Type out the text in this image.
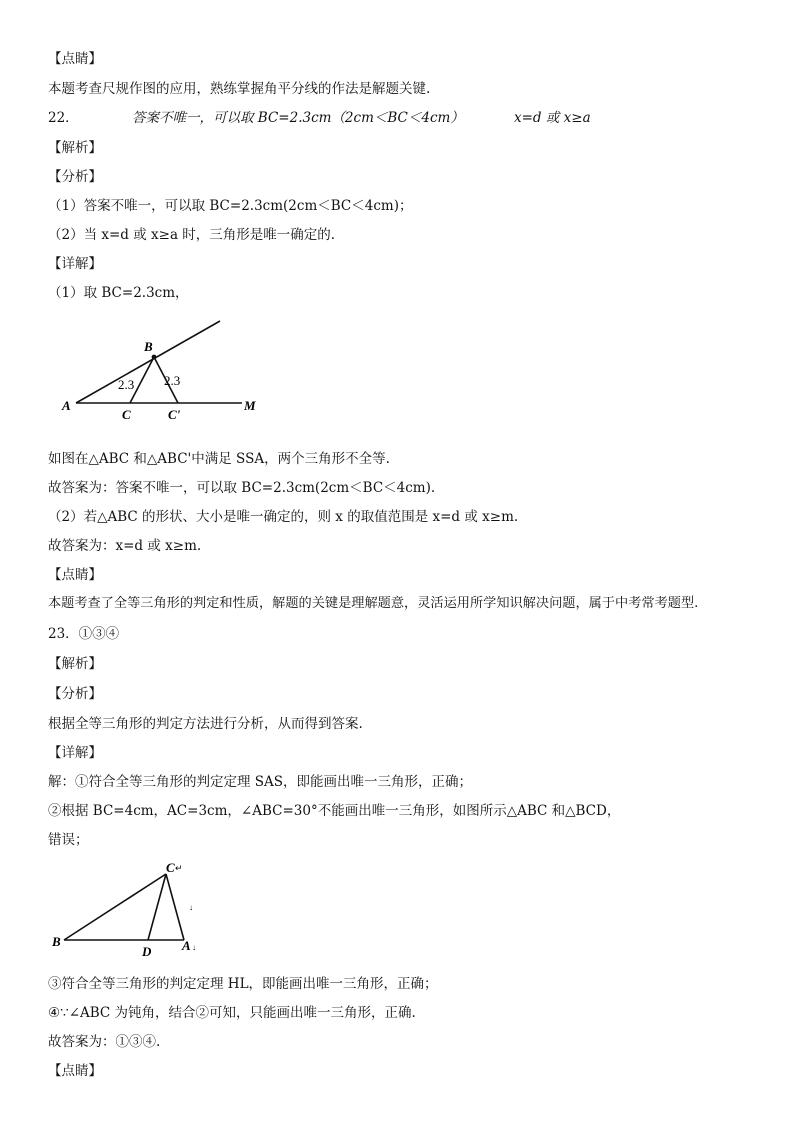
【点睛】
本题考查尺规作图的应用，熟练掌握角平分线的作法是解题关键.
22．	答案不唯一，可以取 BC=2.3cm（2cm＜BC＜4cm）	x=d 或 x≥a
【解析】
【分析】
（1）答案不唯一，可以取 BC=2.3cm(2cm＜BC＜4cm)；
（2）当 x=d 或 x≥a 时，三角形是唯一确定的.
【详解】
（1）取 BC=2.3cm，
B
A
C	C'
M
2.3 2.3
如图在△ABC 和△ABC'中满足 SSA，两个三角形不全等.
故答案为：答案不唯一，可以取 BC=2.3cm(2cm＜BC＜4cm).
（2）若△ABC 的形状、大小是唯一确定的，则 x 的取值范围是 x=d 或 x≥m.
故答案为：x=d 或 x≥m.
【点睛】
本题考查了全等三角形的判定和性质，解题的关键是理解题意，灵活运用所学知识解决问题，属于中考常考题型.
23．①③④
【解析】
【分析】
根据全等三角形的判定方法进行分析，从而得到答案.
【详解】
解：①符合全等三角形的判定定理 SAS，即能画出唯一三角形，正确；
②根据 BC=4cm，AC=3cm，∠ABC=30°不能画出唯一三角形，如图所示△ABC 和△BCD，
错误；
C ↵
↓
B
D A ↓
③符合全等三角形的判定定理 HL，即能画出唯一三角形，正确；
④∵∠ABC 为钝角，结合②可知，只能画出唯一三角形，正确.
故答案为：①③④.
【点睛】
